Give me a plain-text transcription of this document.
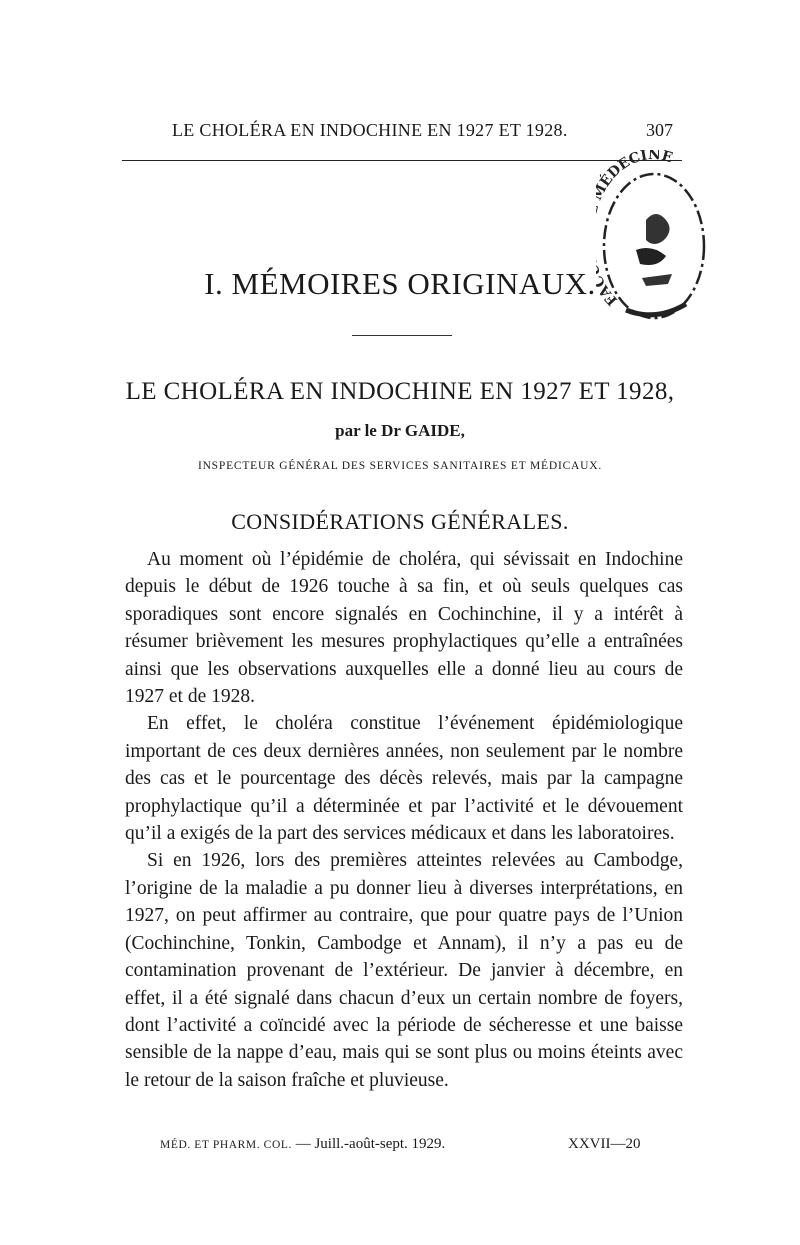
LE CHOLÉRA EN INDOCHINE EN 1927 ET 1928.	307
FA ÉDECINE
I. MÉMOIRES ORIGINAUX.
LE CHOLÉRA EN INDOCHINE EN 1927 ET 1928,
par le Dr GAIDE,
INSPECTEUR GÉNÉRAL DES SERVICES SANITAIRES ET MÉDICAUX.
CONSIDÉRATIONS GÉNÉRALES.

Au moment où l’épidémie de choléra, qui sévissait en Indochine depuis le début de 1926 touche à sa fin, et où seuls quelques cas sporadiques sont encore signalés en Cochinchine, il y a intérêt à résumer brièvement les mesures prophylactiques qu’elle a entraînées ainsi que les observations auxquelles elle a donné lieu au cours de 1927 et de 1928.

En effet, le choléra constitue l’événement épidémiologique important de ces deux dernières années, non seulement par le nombre des cas et le pourcentage des décès relevés, mais par la campagne prophylactique qu’il a déterminée et par l’activité et le dévouement qu’il a exigés de la part des services médicaux et dans les laboratoires.

Si en 1926, lors des premières atteintes relevées au Cambodge, l’origine de la maladie a pu donner lieu à diverses interprétations, en 1927, on peut affirmer au contraire, que pour quatre pays de l’Union (Cochinchine, Tonkin, Cambodge et Annam), il n’y a pas eu de contamination provenant de l’extérieur. De janvier à décembre, en effet, il a été signalé dans chacun d’eux un certain nombre de foyers, dont l’activité a coïncidé avec la période de sécheresse et une baisse sensible de la nappe d’eau, mais qui se sont plus ou moins éteints avec le retour de la saison fraîche et pluvieuse.

MÉD. ET PHARM. COL. — Juill.-août-sept. 1929.	XXVII—20
